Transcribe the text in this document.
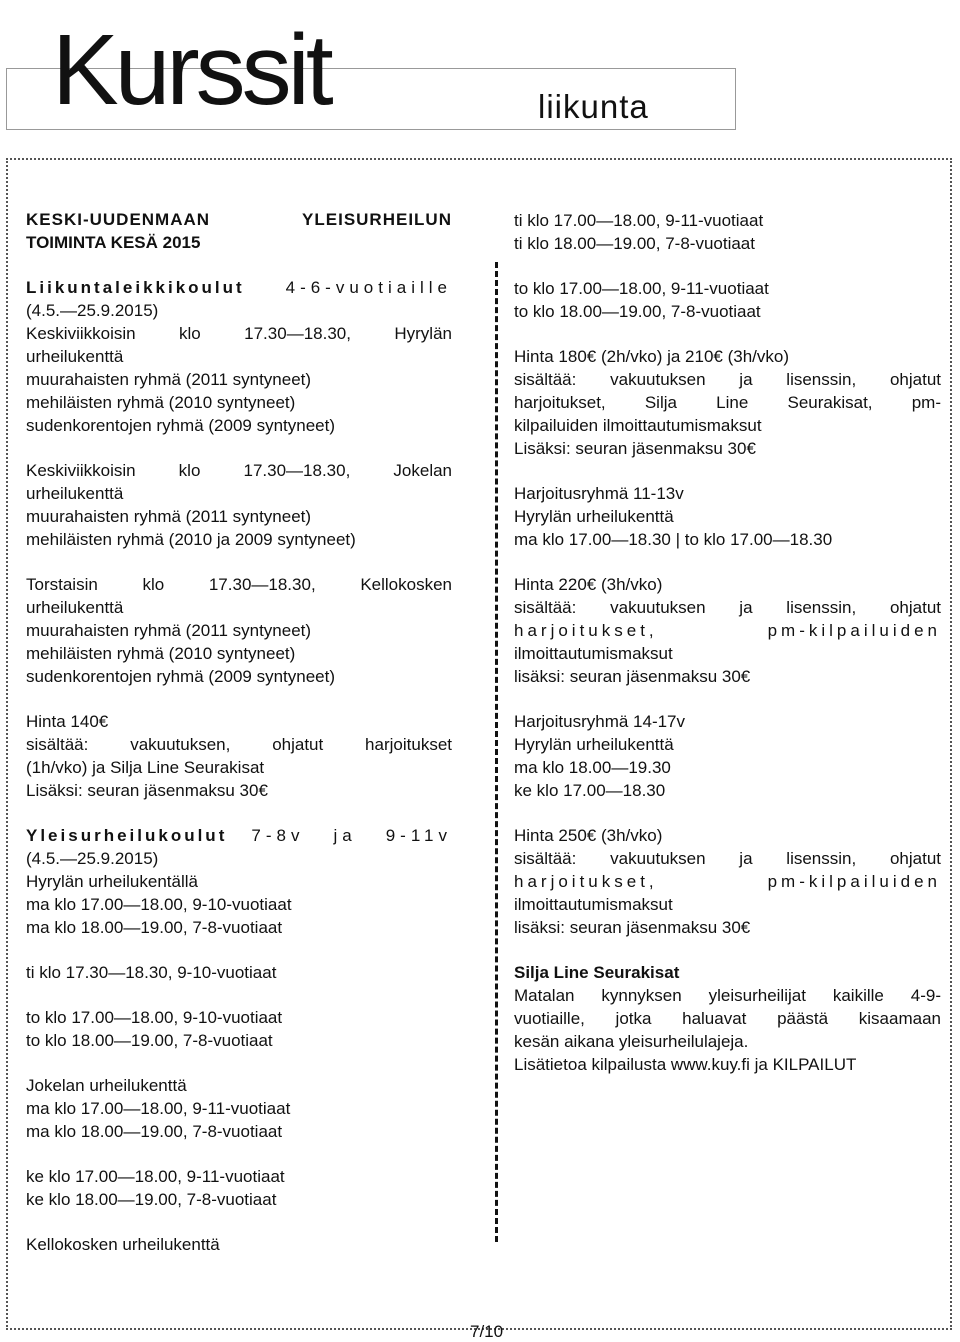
Kurssit	liikunta

KESKI-UUDENMAAN YLEISURHEILUN

TOIMINTA KESÄ 2015

Liikuntaleikkikoulut 4-6-vuotiaille

(4.5.—25.9.2015)

Keskiviikkoisin klo 17.30—18.30, Hyrylän

urheilukenttä

muurahaisten ryhmä (2011 syntyneet)

mehiläisten ryhmä (2010 syntyneet)

sudenkorentojen ryhmä (2009 syntyneet)

Keskiviikkoisin klo 17.30—18.30, Jokelan

urheilukenttä

muurahaisten ryhmä (2011 syntyneet)

mehiläisten ryhmä (2010 ja 2009 syntyneet)

Torstaisin klo 17.30—18.30, Kellokosken

urheilukenttä

muurahaisten ryhmä (2011 syntyneet)

mehiläisten ryhmä (2010 syntyneet)

sudenkorentojen ryhmä (2009 syntyneet)

Hinta 140€

sisältää: vakuutuksen, ohjatut harjoitukset

(1h/vko) ja Silja Line Seurakisat

Lisäksi: seuran jäsenmaksu 30€

Yleisurheilukoulut 7-8v ja 9-11v

(4.5.—25.9.2015)

Hyrylän urheilukentällä

ma klo 17.00—18.00, 9-10-vuotiaat

ma klo 18.00—19.00, 7-8-vuotiaat

ti klo 17.30—18.30, 9-10-vuotiaat

to klo 17.00—18.00, 9-10-vuotiaat

to klo 18.00—19.00, 7-8-vuotiaat

Jokelan urheilukenttä

ma klo 17.00—18.00, 9-11-vuotiaat

ma klo 18.00—19.00, 7-8-vuotiaat

ke klo 17.00—18.00, 9-11-vuotiaat

ke klo 18.00—19.00, 7-8-vuotiaat

Kellokosken urheilukenttä

ti klo 17.00—18.00, 9-11-vuotiaat

ti klo 18.00—19.00, 7-8-vuotiaat

to klo 17.00—18.00, 9-11-vuotiaat

to klo 18.00—19.00, 7-8-vuotiaat

Hinta 180€ (2h/vko) ja 210€ (3h/vko)

sisältää: vakuutuksen ja lisenssin, ohjatut

harjoitukset, Silja Line Seurakisat, pm-

kilpailuiden ilmoittautumismaksut

Lisäksi: seuran jäsenmaksu 30€

Harjoitusryhmä 11-13v

Hyrylän urheilukenttä

ma klo 17.00—18.30 | to klo 17.00—18.30

Hinta 220€ (3h/vko)

sisältää: vakuutuksen ja lisenssin, ohjatut

harjoitukset, pm-kilpailuiden

ilmoittautumismaksut

lisäksi: seuran jäsenmaksu 30€

Harjoitusryhmä 14-17v

Hyrylän urheilukenttä

ma klo 18.00—19.30

ke klo 17.00—18.30

Hinta 250€ (3h/vko)

sisältää: vakuutuksen ja lisenssin, ohjatut

harjoitukset, pm-kilpailuiden

ilmoittautumismaksut

lisäksi: seuran jäsenmaksu 30€

Silja Line Seurakisat

Matalan kynnyksen yleisurheilijat kaikille 4-9-

vuotiaille, jotka haluavat päästä kisaamaan

kesän aikana yleisurheilulajeja.

Lisätietoa kilpailusta www.kuy.fi ja KILPAILUT

7/10
